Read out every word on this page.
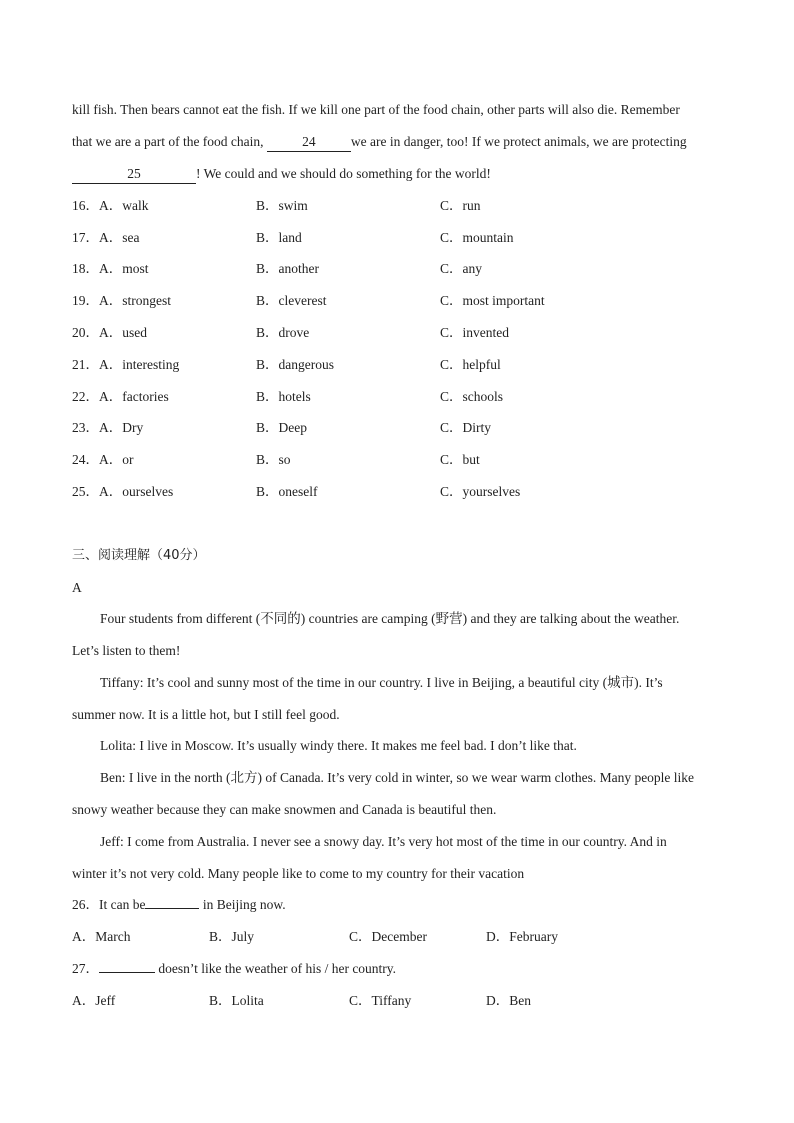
kill fish. Then bears cannot eat the fish. If we kill one part of the food chain, other parts will also die. Remember
that we are a part of the food chain,	24	we are in danger, too! If we protect animals, we are protecting
25	! We could and we should do something for the world!
16．A．walk	B．swim	C．run
17．A．sea	B．land	C．mountain
18．A．most	B．another	C．any
19．A．strongest	B．cleverest	C．most important
20．A．used	B．drove	C．invented
21．A．interesting	B．dangerous	C．helpful
22．A．factories	B．hotels	C．schools
23．A．Dry	B．Deep	C．Dirty
24．A．or	B．so	C．but
25．A．ourselves	B．oneself	C．yourselves
三、阅读理解（40分）
A
Four students from different (不同的) countries are camping (野营) and they are talking about the weather.
Let’s listen to them!
Tiffany: It’s cool and sunny most of the time in our country. I live in Beijing, a beautiful city (城市). It’s
summer now. It is a little hot, but I still feel good.
Lolita: I live in Moscow. It’s usually windy there. It makes me feel bad. I don’t like that.
Ben: I live in the north (北方) of Canada. It’s very cold in winter, so we wear warm clothes. Many people like
snowy weather because they can make snowmen and Canada is beautiful then.
Jeff: I come from Australia. I never see a snowy day. It’s very hot most of the time in our country. And in
winter it’s not very cold. Many people like to come to my country for their vacation
26．It can be	in Beijing now.
A．March	B．July	C．December	D．February
27．	doesn’t like the weather of his / her country.
A．Jeff	B．Lolita	C．Tiffany	D．Ben
